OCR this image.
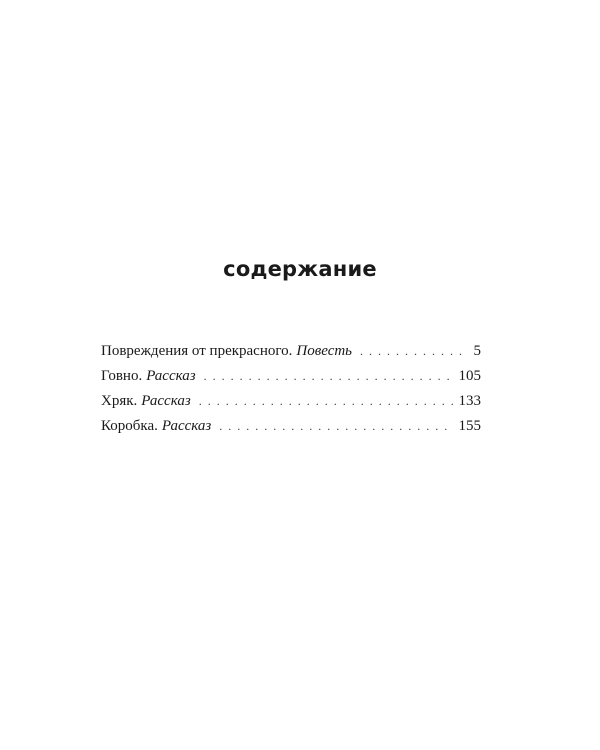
содержание
Повреждения от прекрасного. Повесть . . .	5
Говно. Рассказ . . .	105
Хряк. Рассказ . . .	133
Коробка. Рассказ . . .	155
